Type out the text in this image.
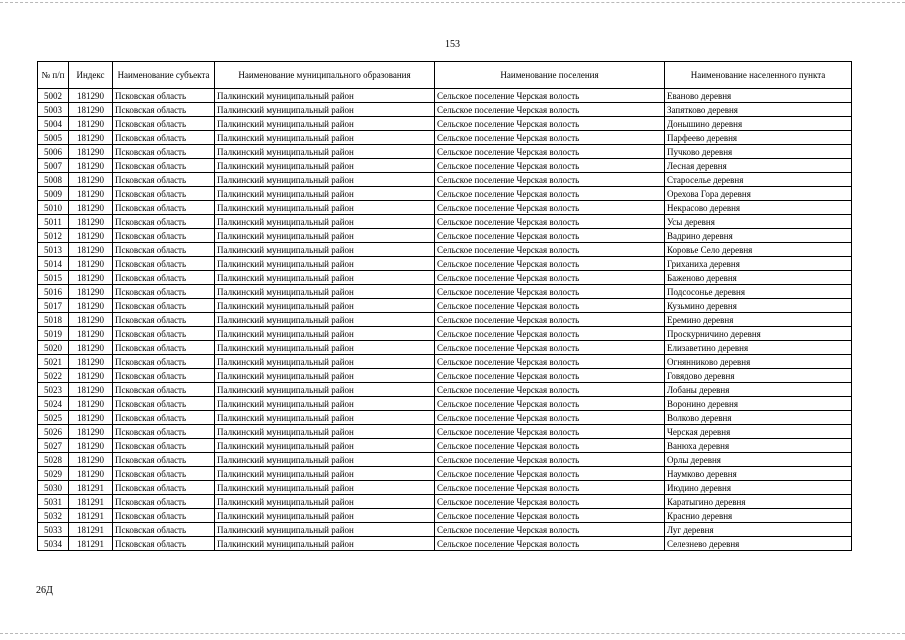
153
№ п/п	Индекс	Наименование субъекта	Наименование муниципального образования	Наименование поселения	Наименование населенного пункта
5002	181290	Псковская область	Палкинский муниципальный район	Сельское поселение Черская волость	Еваново деревня
5003	181290	Псковская область	Палкинский муниципальный район	Сельское поселение Черская волость	Запятково деревня
5004	181290	Псковская область	Палкинский муниципальный район	Сельское поселение Черская волость	Донышино деревня
5005	181290	Псковская область	Палкинский муниципальный район	Сельское поселение Черская волость	Парфеево деревня
5006	181290	Псковская область	Палкинский муниципальный район	Сельское поселение Черская волость	Пучково деревня
5007	181290	Псковская область	Палкинский муниципальный район	Сельское поселение Черская волость	Лесная деревня
5008	181290	Псковская область	Палкинский муниципальный район	Сельское поселение Черская волость	Староселье деревня
5009	181290	Псковская область	Палкинский муниципальный район	Сельское поселение Черская волость	Орехова Гора деревня
5010	181290	Псковская область	Палкинский муниципальный район	Сельское поселение Черская волость	Некрасово деревня
5011	181290	Псковская область	Палкинский муниципальный район	Сельское поселение Черская волость	Усы деревня
5012	181290	Псковская область	Палкинский муниципальный район	Сельское поселение Черская волость	Вадрино деревня
5013	181290	Псковская область	Палкинский муниципальный район	Сельское поселение Черская волость	Коровье Село деревня
5014	181290	Псковская область	Палкинский муниципальный район	Сельское поселение Черская волость	Гриханиха деревня
5015	181290	Псковская область	Палкинский муниципальный район	Сельское поселение Черская волость	Баженово деревня
5016	181290	Псковская область	Палкинский муниципальный район	Сельское поселение Черская волость	Подсосонье деревня
5017	181290	Псковская область	Палкинский муниципальный район	Сельское поселение Черская волость	Кузьмино деревня
5018	181290	Псковская область	Палкинский муниципальный район	Сельское поселение Черская волость	Еремино деревня
5019	181290	Псковская область	Палкинский муниципальный район	Сельское поселение Черская волость	Проскурничино деревня
5020	181290	Псковская область	Палкинский муниципальный район	Сельское поселение Черская волость	Елизаветино деревня
5021	181290	Псковская область	Палкинский муниципальный район	Сельское поселение Черская волость	Огнянниково деревня
5022	181290	Псковская область	Палкинский муниципальный район	Сельское поселение Черская волость	Говядово деревня
5023	181290	Псковская область	Палкинский муниципальный район	Сельское поселение Черская волость	Лобаны деревня
5024	181290	Псковская область	Палкинский муниципальный район	Сельское поселение Черская волость	Воронино деревня
5025	181290	Псковская область	Палкинский муниципальный район	Сельское поселение Черская волость	Волково деревня
5026	181290	Псковская область	Палкинский муниципальный район	Сельское поселение Черская волость	Черская деревня
5027	181290	Псковская область	Палкинский муниципальный район	Сельское поселение Черская волость	Ванюха деревня
5028	181290	Псковская область	Палкинский муниципальный район	Сельское поселение Черская волость	Орлы деревня
5029	181290	Псковская область	Палкинский муниципальный район	Сельское поселение Черская волость	Наумково деревня
5030	181291	Псковская область	Палкинский муниципальный район	Сельское поселение Черская волость	Июдино деревня
5031	181291	Псковская область	Палкинский муниципальный район	Сельское поселение Черская волость	Каратыгино деревня
5032	181291	Псковская область	Палкинский муниципальный район	Сельское поселение Черская волость	Краснио деревня
5033	181291	Псковская область	Палкинский муниципальный район	Сельское поселение Черская волость	Луг деревня
5034	181291	Псковская область	Палкинский муниципальный район	Сельское поселение Черская волость	Селезнево деревня
26Д
